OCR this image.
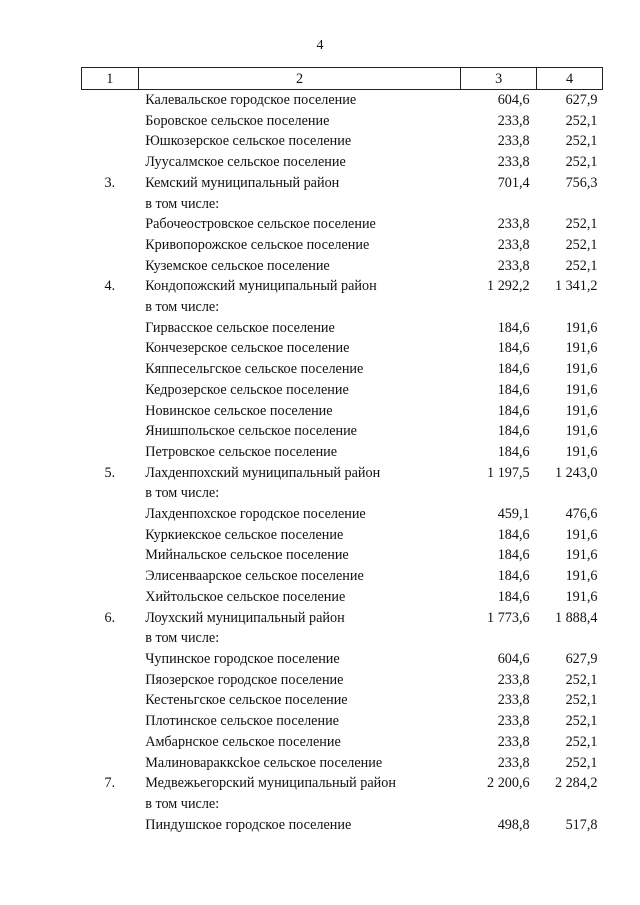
4
1	2	3	4
	Калевальское городское поселение	604,6	627,9
	Боровское сельское поселение	233,8	252,1
	Юшкозерское сельское поселение	233,8	252,1
	Луусалмское сельское поселение	233,8	252,1
3.	Кемский муниципальный район	701,4	756,3
	в том числе:		
	Рабочеостровское сельское поселение	233,8	252,1
	Кривопорожское сельское поселение	233,8	252,1
	Куземское сельское поселение	233,8	252,1
4.	Кондопожский муниципальный район	1 292,2	1 341,2
	в том числе:		
	Гирвасское сельское поселение	184,6	191,6
	Кончезерское сельское поселение	184,6	191,6
	Кяппесельгское сельское поселение	184,6	191,6
	Кедрозерское сельское поселение	184,6	191,6
	Новинское сельское поселение	184,6	191,6
	Янишпольское сельское поселение	184,6	191,6
	Петровское сельское поселение	184,6	191,6
5.	Лахденпохский муниципальный район	1 197,5	1 243,0
	в том числе:		
	Лахденпохское городское поселение	459,1	476,6
	Куркиекское сельское поселение	184,6	191,6
	Мийнальское сельское поселение	184,6	191,6
	Элисенваарское сельское поселение	184,6	191,6
	Хийтольское сельское поселение	184,6	191,6
6.	Лоухский муниципальный район	1 773,6	1 888,4
	в том числе:		
	Чупинское городское поселение	604,6	627,9
	Пяозерское городское поселение	233,8	252,1
	Кестеньгское сельское поселение	233,8	252,1
	Плотинское сельское поселение	233,8	252,1
	Амбарнское сельское поселение	233,8	252,1
	Малиноваракксkoe сельское поселение	233,8	252,1
7.	Медвежьегорский муниципальный район	2 200,6	2 284,2
	в том числе:		
	Пиндушское городское поселение	498,8	517,8
